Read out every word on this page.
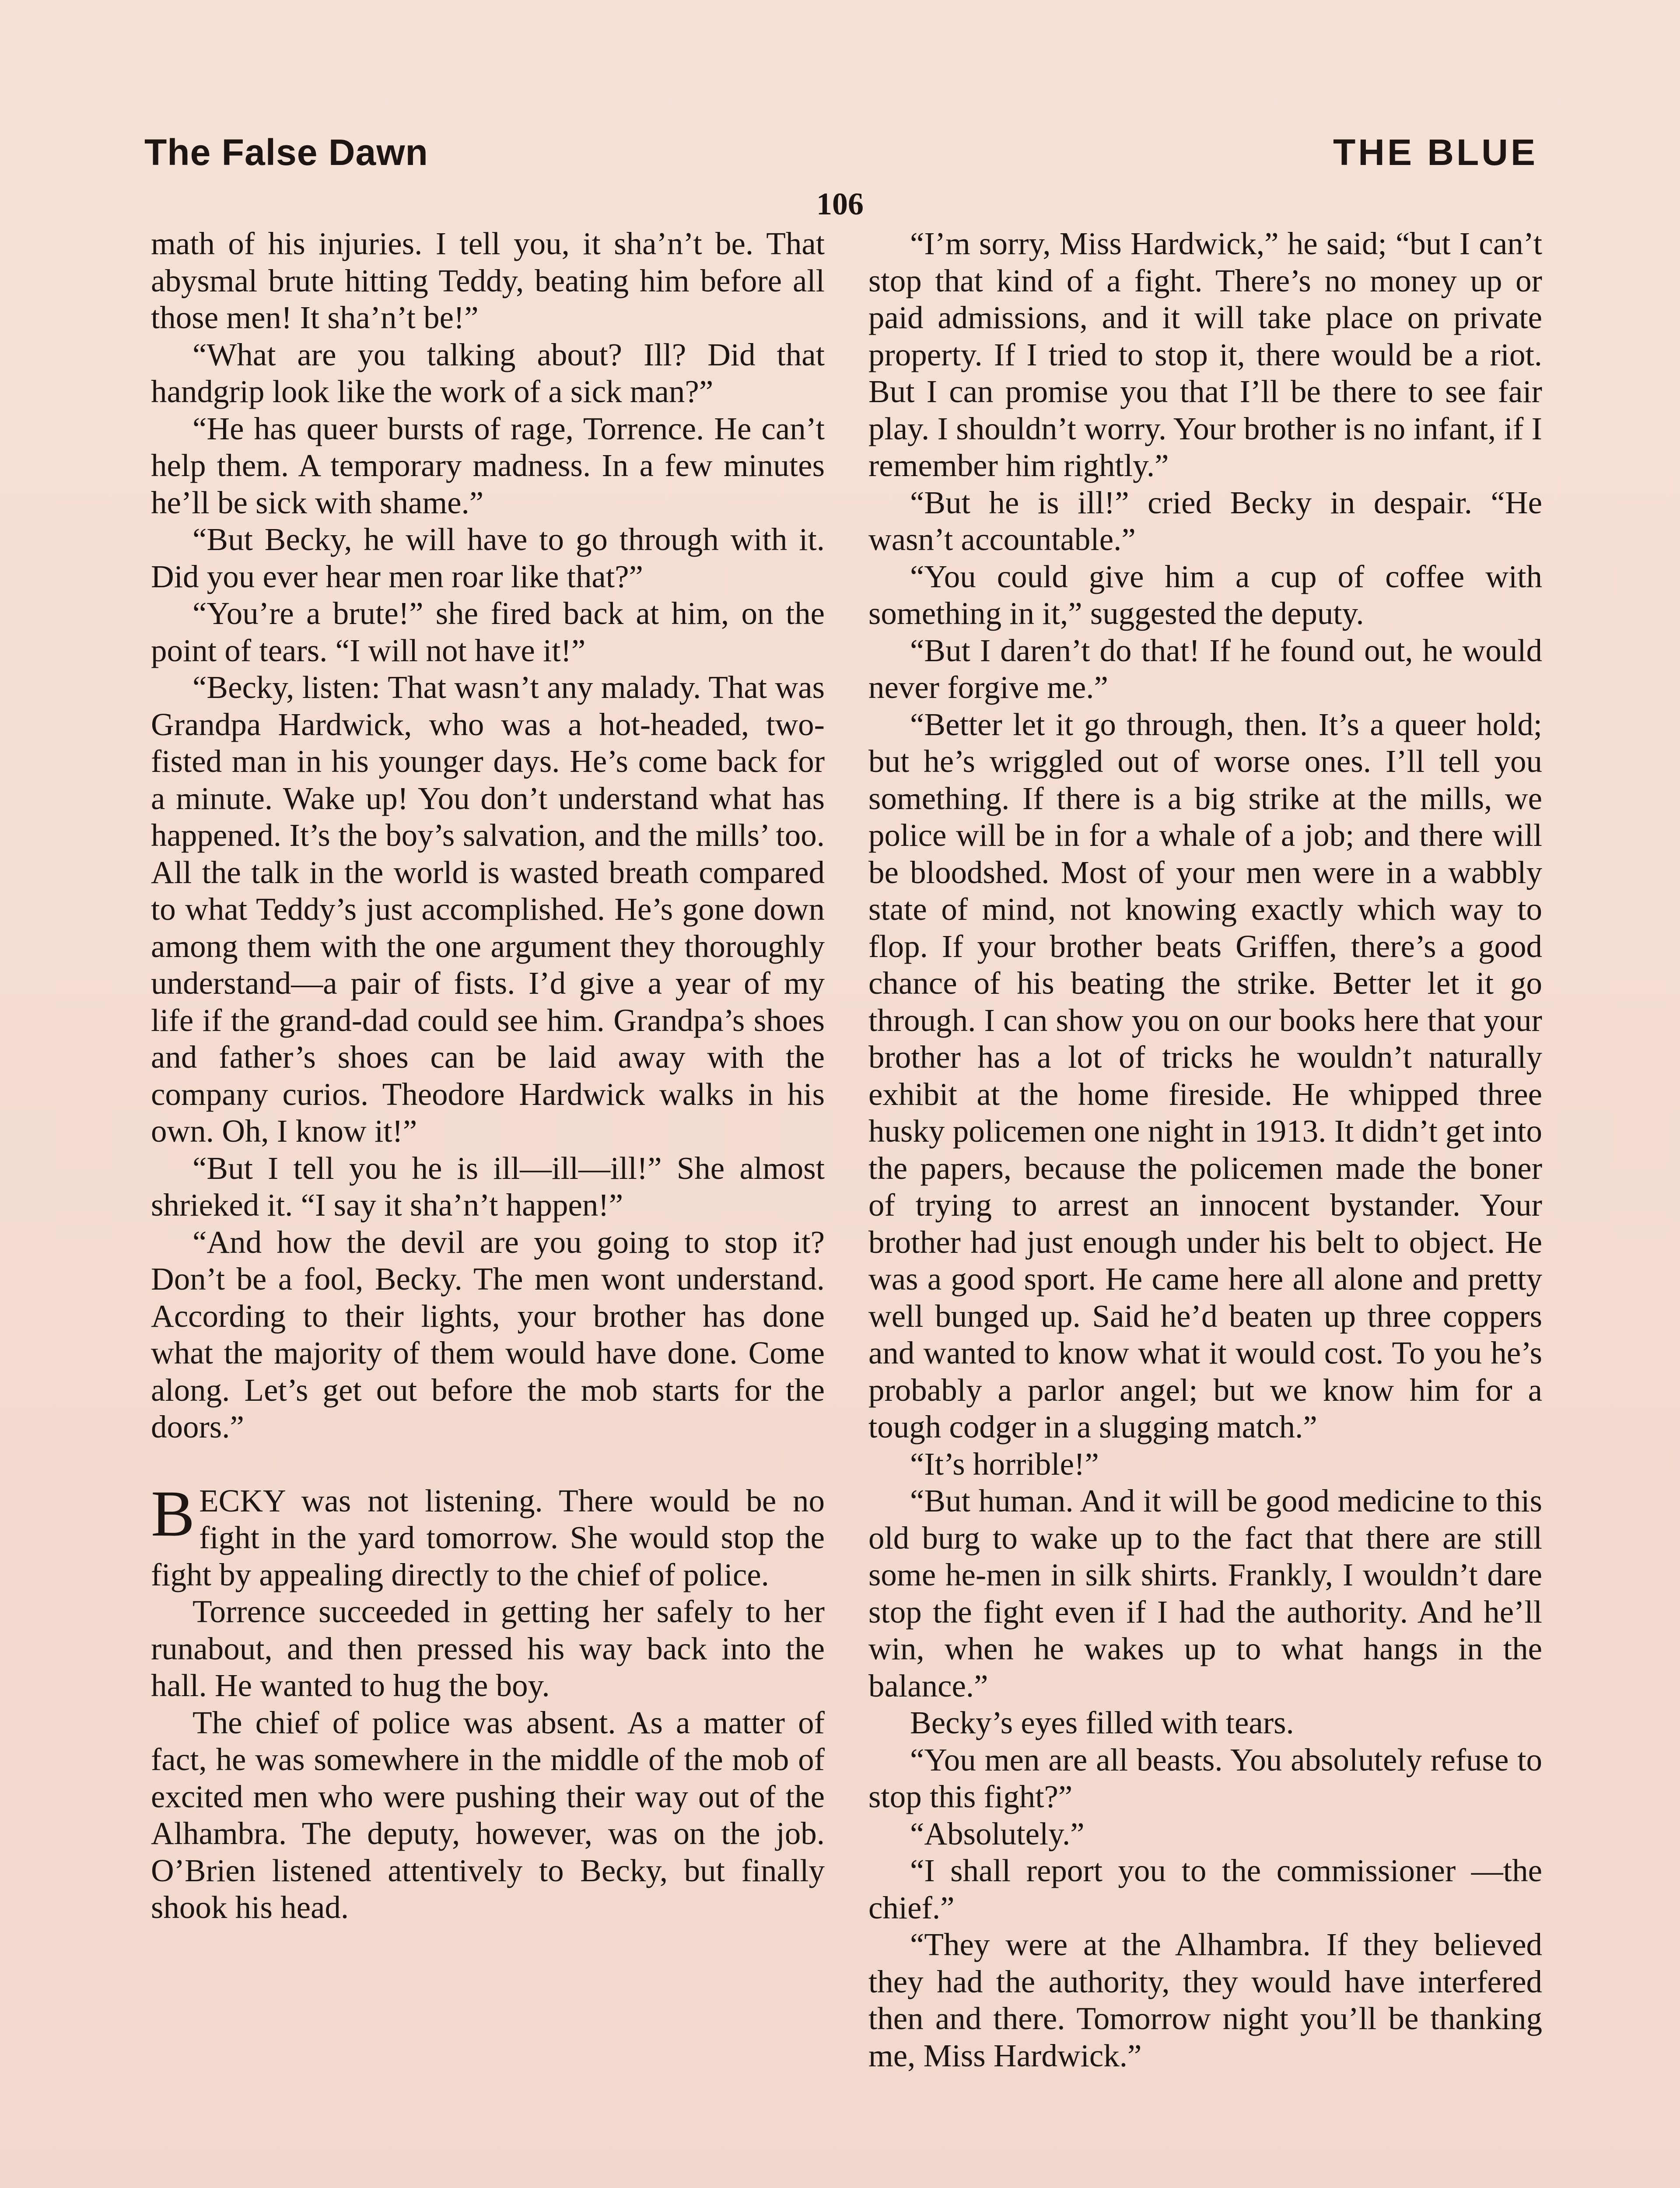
The False Dawn	THE BLUE
106

math of his injuries. I tell you, it sha’n’t be. That abysmal brute hitting Teddy, beating him before all those men! It sha’n’t be!”

“What are you talking about? Ill? Did that handgrip look like the work of a sick man?”

“He has queer bursts of rage, Torrence. He can’t help them. A temporary madness. In a few minutes he’ll be sick with shame.”

“But Becky, he will have to go through with it. Did you ever hear men roar like that?”

“You’re a brute!” she fired back at him, on the point of tears. “I will not have it!”

“Becky, listen: That wasn’t any malady. That was Grandpa Hardwick, who was a hot-headed, two-fisted man in his younger days. He’s come back for a minute. Wake up! You don’t understand what has happened. It’s the boy’s salvation, and the mills’ too. All the talk in the world is wasted breath compared to what Teddy’s just accomplished. He’s gone down among them with the one argument they thoroughly understand—a pair of fists. I’d give a year of my life if the grand-dad could see him. Grandpa’s shoes and father’s shoes can be laid away with the company curios. Theodore Hardwick walks in his own. Oh, I know it!”

“But I tell you he is ill—ill—ill!” She almost shrieked it. “I say it sha’n’t happen!”

“And how the devil are you going to stop it? Don’t be a fool, Becky. The men wont understand. According to their lights, your brother has done what the majority of them would have done. Come along. Let’s get out before the mob starts for the doors.”

BECKY was not listening. There would be no fight in the yard tomorrow. She would stop the fight by appealing directly to the chief of police.

Torrence succeeded in getting her safely to her runabout, and then pressed his way back into the hall. He wanted to hug the boy.

The chief of police was absent. As a matter of fact, he was somewhere in the middle of the mob of excited men who were pushing their way out of the Alhambra. The deputy, however, was on the job. O’Brien listened attentively to Becky, but finally shook his head.

“I’m sorry, Miss Hardwick,” he said; “but I can’t stop that kind of a fight. There’s no money up or paid admissions, and it will take place on private property. If I tried to stop it, there would be a riot. But I can promise you that I’ll be there to see fair play. I shouldn’t worry. Your brother is no infant, if I remember him rightly.”

“But he is ill!” cried Becky in despair. “He wasn’t accountable.”

“You could give him a cup of coffee with something in it,” suggested the deputy.

“But I daren’t do that! If he found out, he would never forgive me.”

“Better let it go through, then. It’s a queer hold; but he’s wriggled out of worse ones. I’ll tell you something. If there is a big strike at the mills, we police will be in for a whale of a job; and there will be bloodshed. Most of your men were in a wabbly state of mind, not knowing exactly which way to flop. If your brother beats Griffen, there’s a good chance of his beating the strike. Better let it go through. I can show you on our books here that your brother has a lot of tricks he wouldn’t naturally exhibit at the home fireside. He whipped three husky policemen one night in 1913. It didn’t get into the papers, because the policemen made the boner of trying to arrest an innocent bystander. Your brother had just enough under his belt to object. He was a good sport. He came here all alone and pretty well bunged up. Said he’d beaten up three coppers and wanted to know what it would cost. To you he’s probably a parlor angel; but we know him for a tough codger in a slugging match.”

“It’s horrible!”

“But human. And it will be good medicine to this old burg to wake up to the fact that there are still some he-men in silk shirts. Frankly, I wouldn’t dare stop the fight even if I had the authority. And he’ll win, when he wakes up to what hangs in the balance.”

Becky’s eyes filled with tears.

“You men are all beasts. You absolutely refuse to stop this fight?”

“Absolutely.”

“I shall report you to the commissioner —the chief.”

“They were at the Alhambra. If they believed they had the authority, they would have interfered then and there. Tomorrow night you’ll be thanking me, Miss Hardwick.”
